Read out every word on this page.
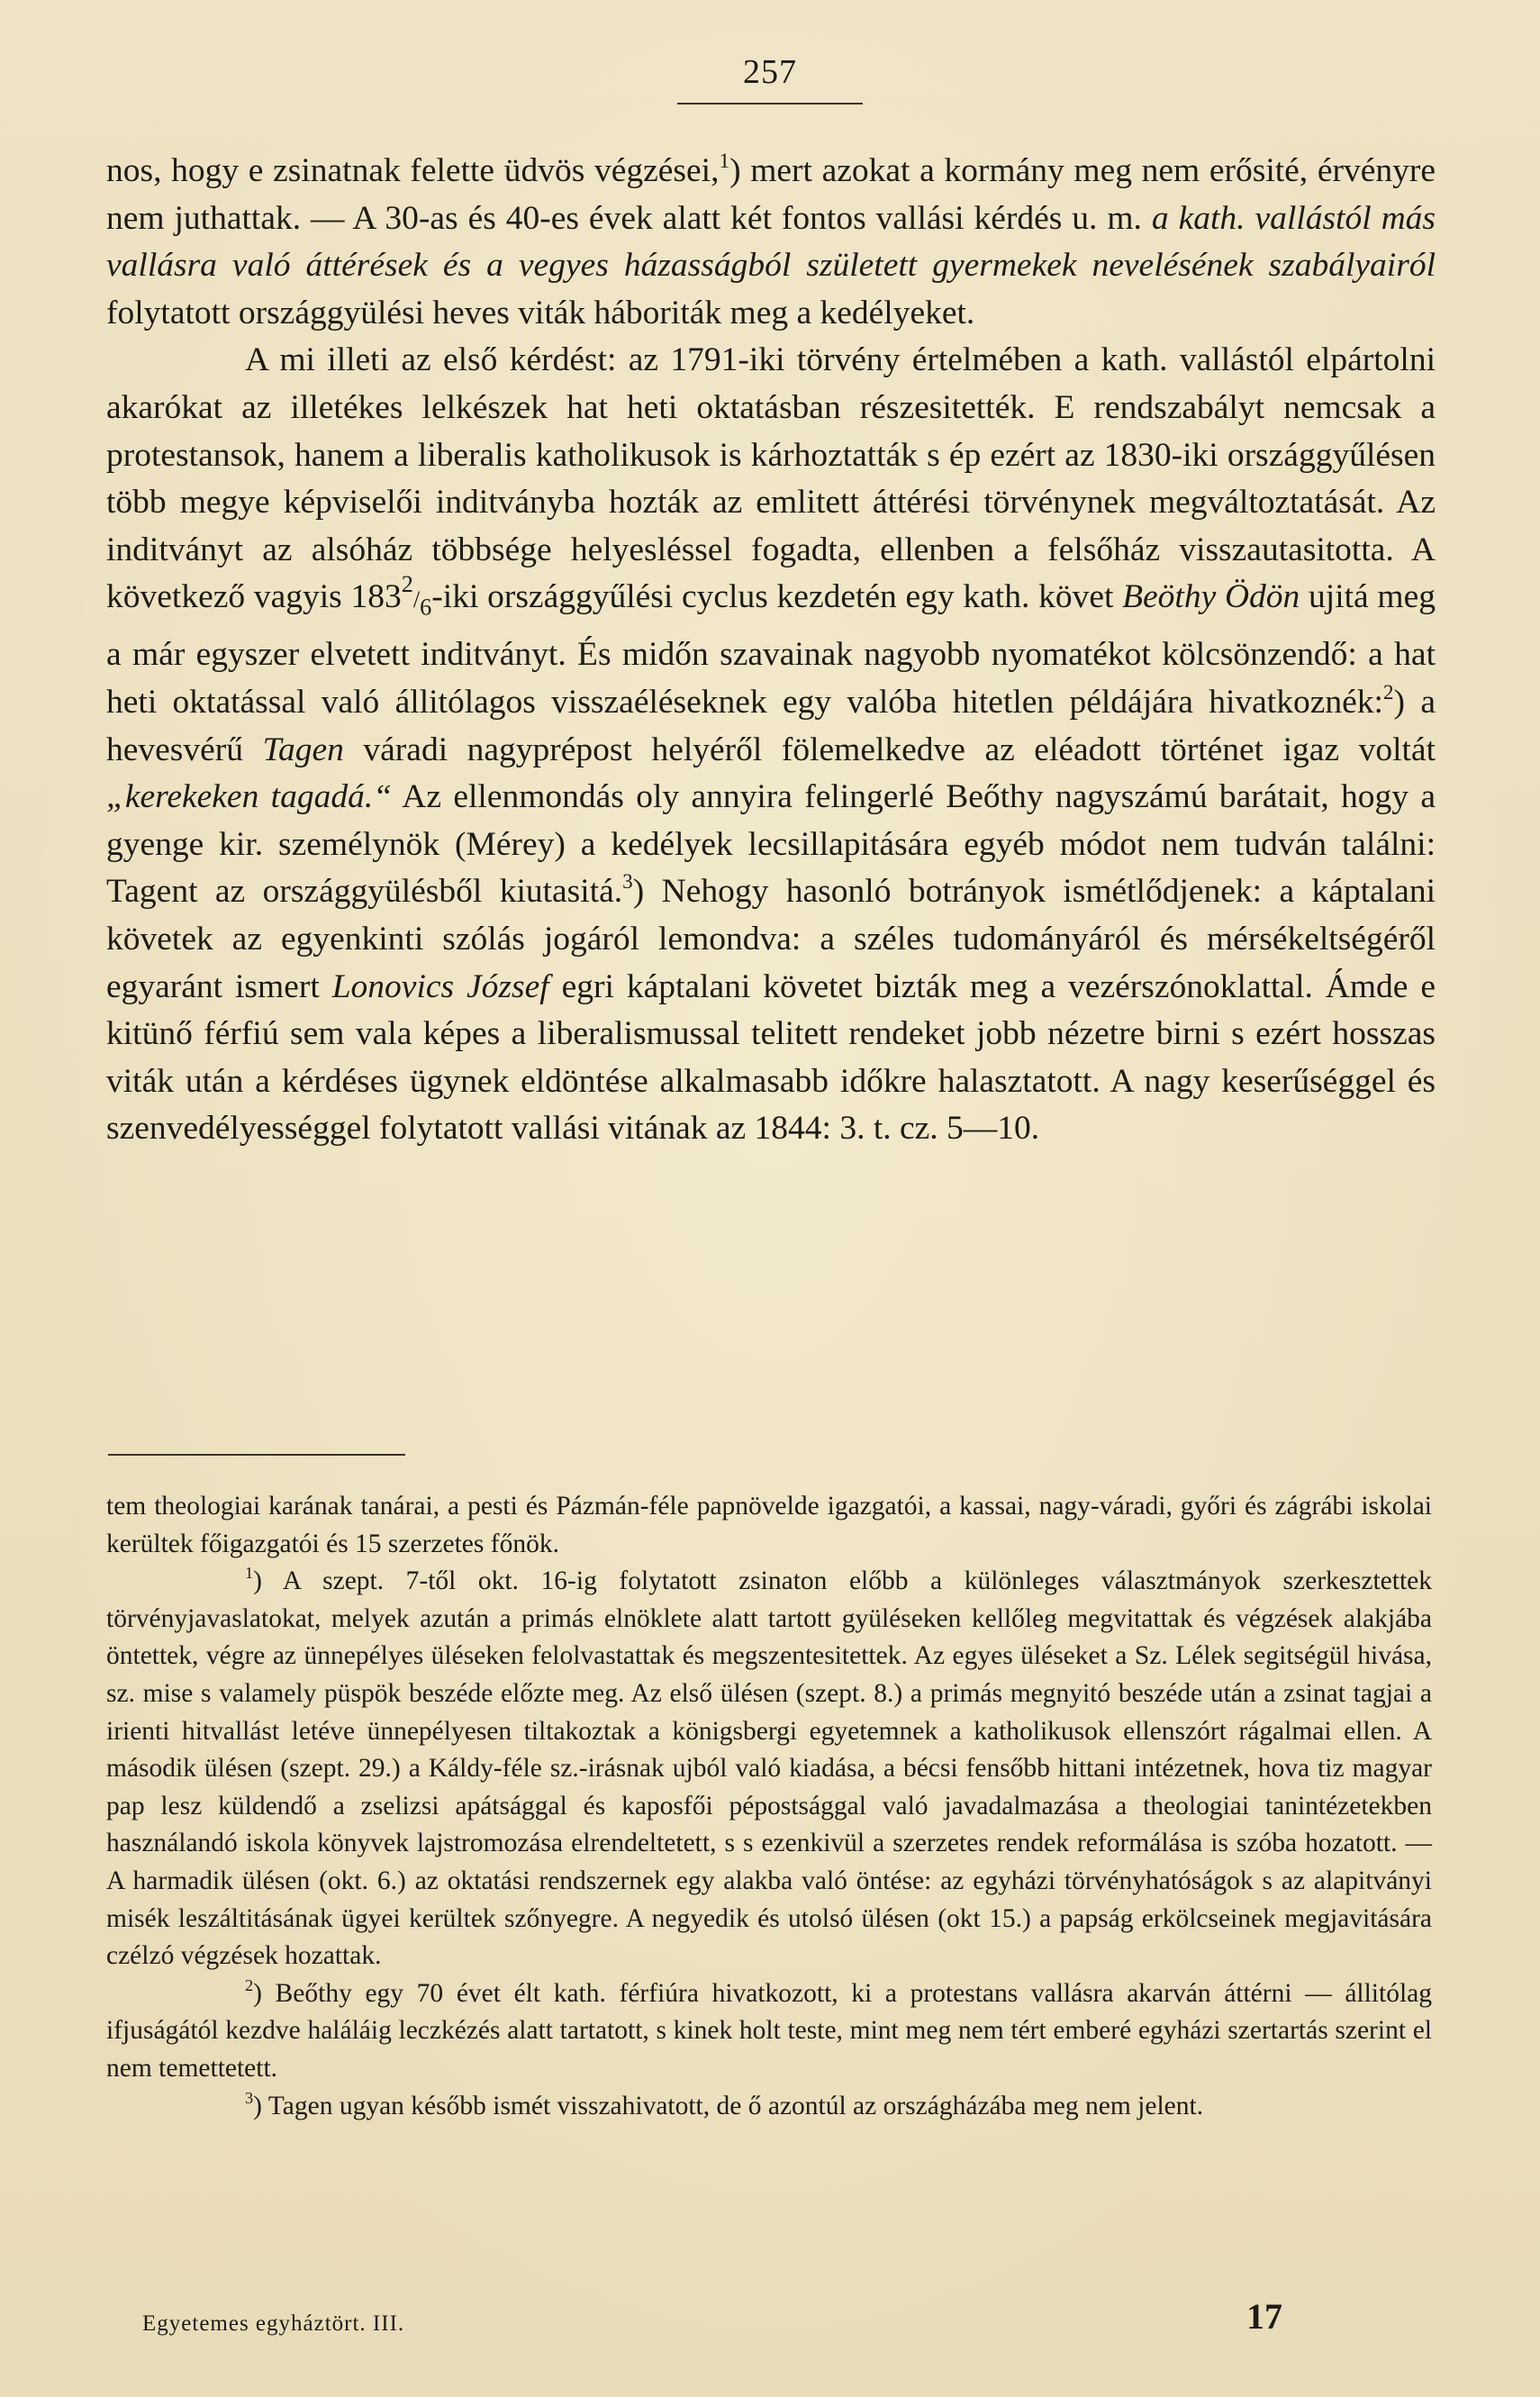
257

nos, hogy e zsinatnak felette üdvös végzései,$^1$) mert azokat a kormány meg nem erősité, érvényre nem juthattak. — A 30-as és 40-es évek alatt két fontos vallási kérdés u. m. a kath. vallástól más vallásra való áttérések és a vegyes házasságból született gyermekek nevelésének szabályairól folytatott országgyülési heves viták háboriták meg a kedélyeket.

A mi illeti az első kérdést: az 1791-iki törvény értelmében a kath. vallástól elpártolni akarókat az illetékes lelkészek hat heti oktatásban részesitették. E rendszabályt nemcsak a protestansok, hanem a liberalis katholikusok is kárhoztatták s ép ezért az 1830-iki országgyűlésen több megye képviselői inditványba hozták az emlitett áttérési törvénynek megváltoztatását. Az inditványt az alsóház többsége helyesléssel fogadta, ellenben a felsőház visszautasitotta. A következő vagyis $183^2/_6$-iki országgyűlési cyclus kezdetén egy kath. követ Beöthy Ödön ujitá meg a már egyszer elvetett inditványt. És midőn szavainak nagyobb nyomatékot kölcsönzendő: a hat heti oktatással való állitólagos visszaéléseknek egy valóba hitetlen példájára hivatkoznék:$^2$) a hevesvérű Tagen váradi nagyprépost helyéről fölemelkedve az eléadott történet igaz voltát „kerekeken tagadá.“ Az ellenmondás oly annyira felingerlé Beőthy nagyszámú barátait, hogy a gyenge kir. személynök (Mérey) a kedélyek lecsillapitására egyéb módot nem tudván találni: Tagent az országgyülésből kiutasitá.$^3$) Nehogy hasonló botrányok ismétlődjenek: a káptalani követek az egyenkinti szólás jogáról lemondva: a széles tudományáról és mérsékeltségéről egyaránt ismert Lonovics József egri káptalani követet bizták meg a vezérszónoklattal. Ámde e kitünő férfiú sem vala képes a liberalismussal telitett rendeket jobb nézetre birni s ezért hosszas viták után a kérdéses ügynek eldöntése alkalmasabb időkre halasztatott. A nagy keserűséggel és szenvedélyességgel folytatott vallási vitának az 1844: 3. t. cz. 5—10.

tem theologiai karának tanárai, a pesti és Pázmán-féle papnövelde igazgatói, a kassai, nagy-váradi, győri és zágrábi iskolai kerültek főigazgatói és 15 szerzetes főnök.

$^1$) A szept. 7-től okt. 16-ig folytatott zsinaton előbb a különleges választmányok szerkesztettek törvényjavaslatokat, melyek azután a primás elnöklete alatt tartott gyüléseken kellőleg megvitattak és végzések alakjába öntettek, végre az ünnepélyes üléseken felolvastattak és megszentesitettek. Az egyes üléseket a Sz. Lélek segitségül hivása, sz. mise s valamely püspök beszéde előzte meg. Az első ülésen (szept. 8.) a primás megnyitó beszéde után a zsinat tagjai a irienti hitvallást letéve ünnepélyesen tiltakoztak a königsbergi egyetemnek a katholikusok ellenszórt rágalmai ellen. A második ülésen (szept. 29.) a Káldy-féle sz.-irásnak ujból való kiadása, a bécsi fensőbb hittani intézetnek, hova tiz magyar pap lesz küldendő a zselizsi apátsággal és kaposfői pépostsággal való javadalmazása a theologiai tanintézetekben használandó iskola könyvek lajstromozása elrendeltetett, s s ezenkivül a szerzetes rendek reformálása is szóba hozatott. — A harmadik ülésen (okt. 6.) az oktatási rendszernek egy alakba való öntése: az egyházi törvényhatóságok s az alapitványi misék leszáltitásának ügyei kerültek szőnyegre. A negyedik és utolsó ülésen (okt 15.) a papság erkölcseinek megjavitására czélzó végzések hozattak.

$^2$) Beőthy egy 70 évet élt kath. férfiúra hivatkozott, ki a protestans vallásra akarván áttérni — állitólag ifjuságától kezdve haláláig leczkézés alatt tartatott, s kinek holt teste, mint meg nem tért emberé egyházi szertartás szerint el nem temettetett.

$^3$) Tagen ugyan később ismét visszahivatott, de ő azontúl az országházába meg nem jelent.

Egyetemes egyháztört. III.	17
